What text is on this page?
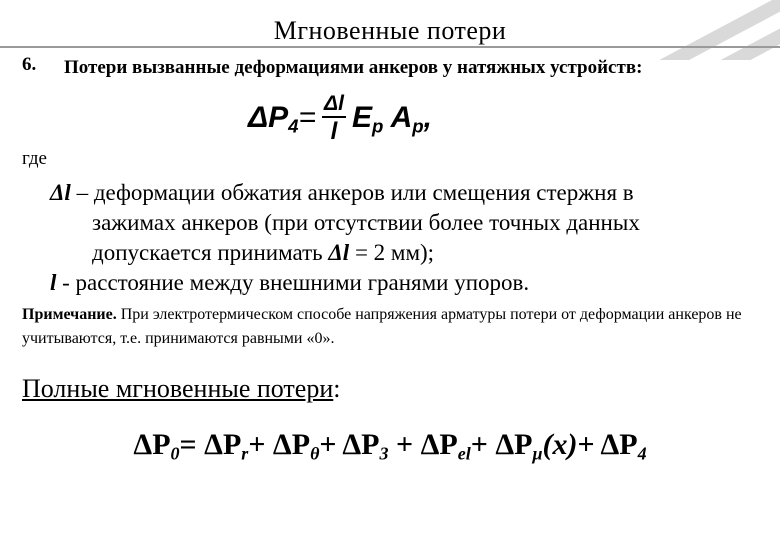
Мгновенные потери
6. Потери вызванные деформациями анкеров у натяжных устройств:
$\Delta P_4= \frac{\Delta l}{l} E_p$ $A_p$,
где
Δl – деформации обжатия анкеров или смещения стержня в
зажимах анкеров (при отсутствии более точных данных
допускается принимать Δl = 2 мм);
l - расстояние между внешними гранями упоров.
Примечание. При электротермическом способе напряжения арматуры потери от деформации анкеров не учитываются, т.е. принимаются равными «0».
Полные мгновенные потери:
$\Delta P_0= \Delta P_r+ \Delta P_\theta+ \Delta P_3 + \Delta P_{el}+ \Delta P_\mu(x)+ \Delta P_4$
